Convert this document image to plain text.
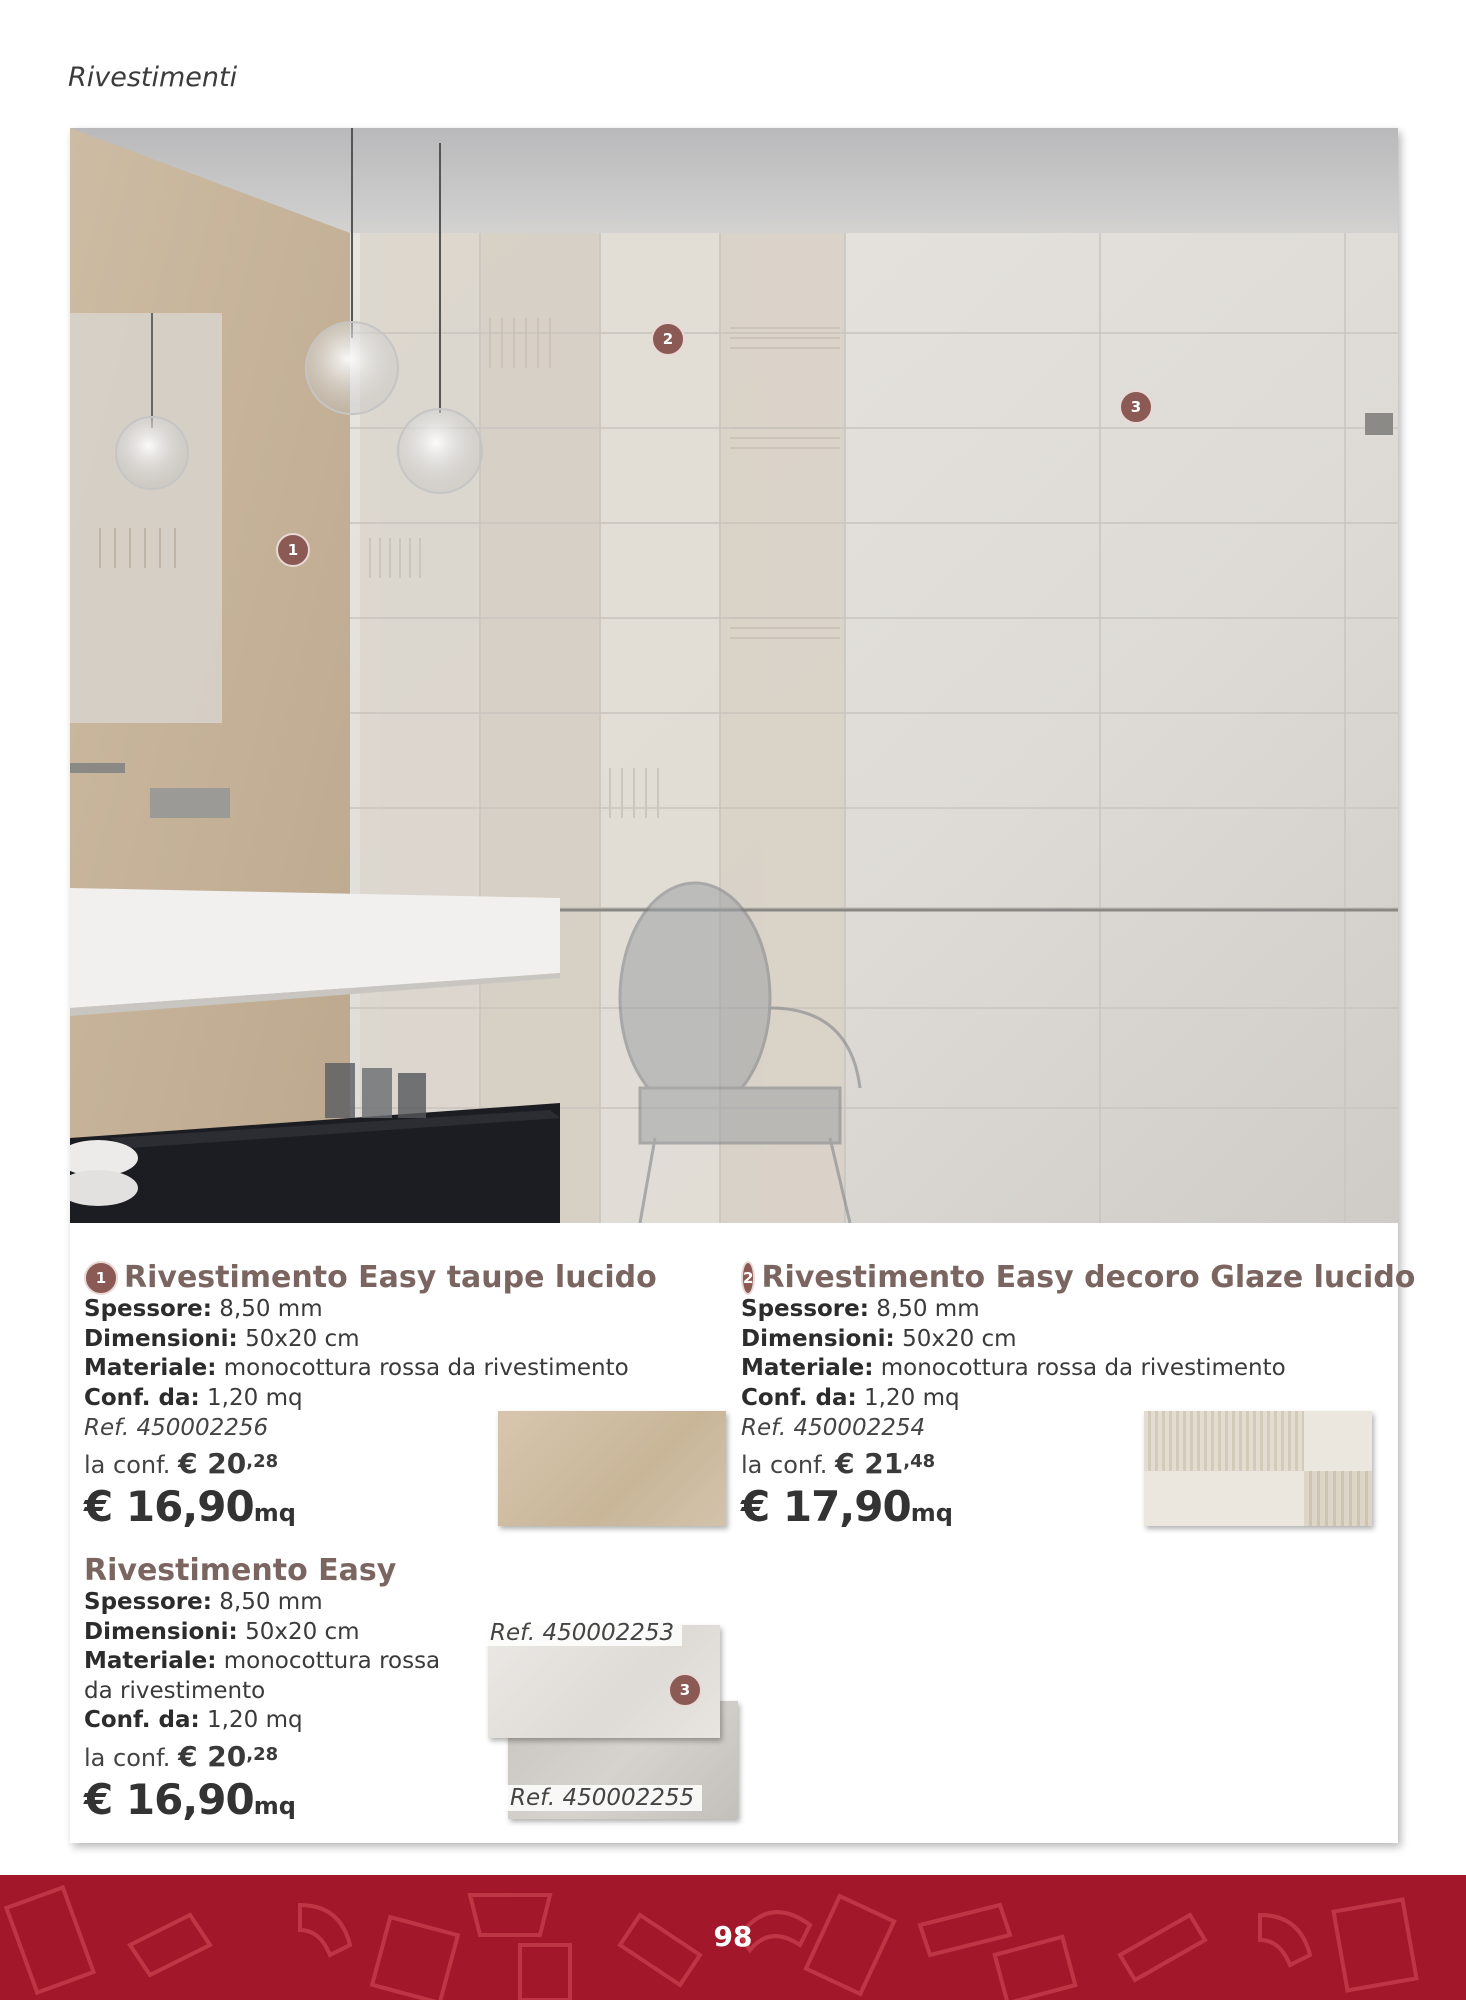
Rivestimenti
1
2
3
1 Rivestimento Easy taupe lucido
Spessore: 8,50 mm
Dimensioni: 50x20 cm
Materiale: monocottura rossa da rivestimento
Conf. da: 1,20 mq
Ref. 450002256
la conf. € $20^{,28}$
€ 16,90mq
2 Rivestimento Easy decoro Glaze lucido
Spessore: 8,50 mm
Dimensioni: 50x20 cm
Materiale: monocottura rossa da rivestimento
Conf. da: 1,20 mq
Ref. 450002254
la conf. € $21^{,48}$
€ 17,90mq
Rivestimento Easy
Spessore: 8,50 mm
Dimensioni: 50x20 cm
Materiale: monocottura rossa
da rivestimento
Conf. da: 1,20 mq
la conf. € $20^{,28}$
€ 16,90mq
Ref. 450002253
3
Ref. 450002255
98
